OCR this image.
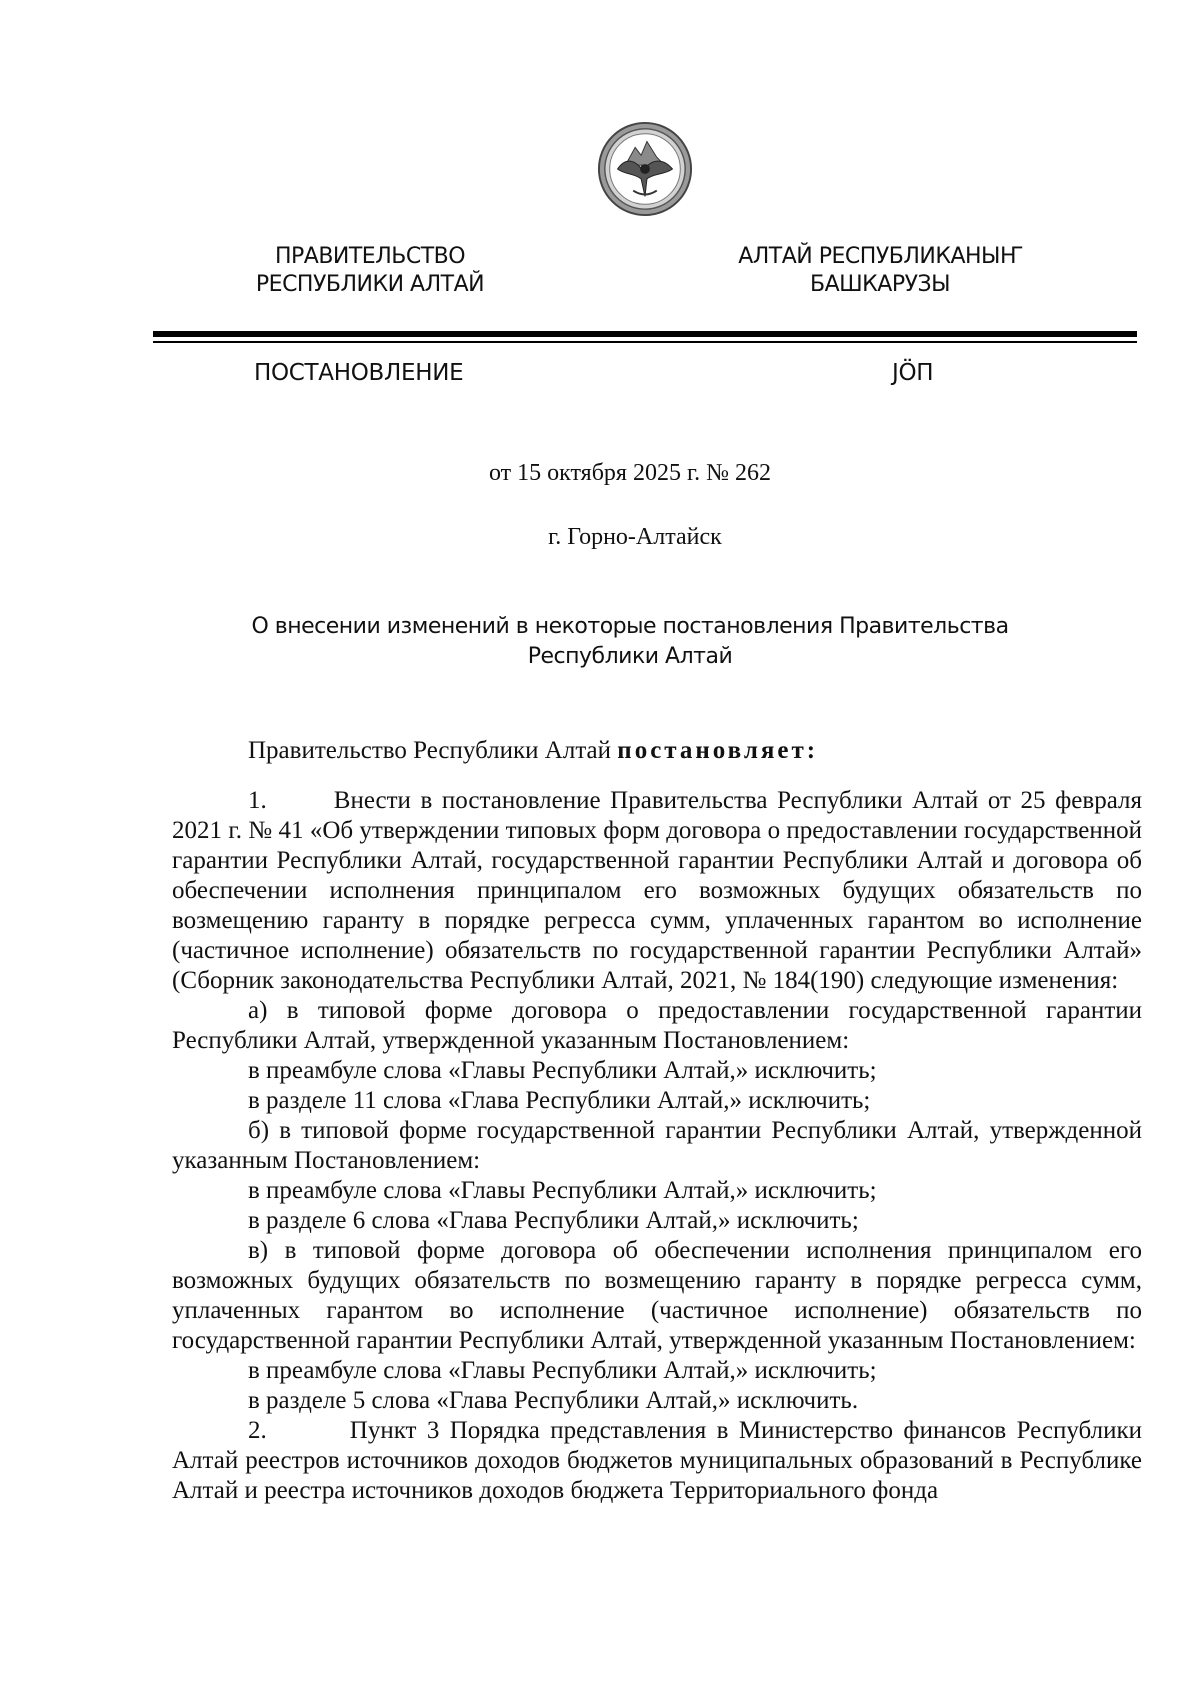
ПРАВИТЕЛЬСТВО
РЕСПУБЛИКИ АЛТАЙ
АЛТАЙ РЕСПУБЛИКАНЫҤ
БАШКАРУЗЫ
ПОСТАНОВЛЕНИЕ	JÖП
от 15 октября 2025 г. № 262
г. Горно-Алтайск
О внесении изменений в некоторые постановления Правительства
Республики Алтай

Правительство Республики Алтай постановляет:

1.       Внести в постановление Правительства Республики Алтай от 25 февраля 2021 г. № 41 «Об утверждении типовых форм договора о предоставлении государственной гарантии Республики Алтай, государственной гарантии Республики Алтай и договора об обеспечении исполнения принципалом его возможных будущих обязательств по возмещению гаранту в порядке регресса сумм, уплаченных гарантом во исполнение (частичное исполнение) обязательств по государственной гарантии Республики Алтай» (Сборник законодательства Республики Алтай, 2021, № 184(190) следующие изменения:

а) в типовой форме договора о предоставлении государственной гарантии Республики Алтай, утвержденной указанным Постановлением:

в преамбуле слова «Главы Республики Алтай,» исключить;

в разделе 11 слова «Глава Республики Алтай,» исключить;

б) в типовой форме государственной гарантии Республики Алтай, утвержденной указанным Постановлением:

в преамбуле слова «Главы Республики Алтай,» исключить;

в разделе 6 слова «Глава Республики Алтай,» исключить;

в) в типовой форме договора об обеспечении исполнения принципалом его возможных будущих обязательств по возмещению гаранту в порядке регресса сумм, уплаченных гарантом во исполнение (частичное исполнение) обязательств по государственной гарантии Республики Алтай, утвержденной указанным Постановлением:

в преамбуле слова «Главы Республики Алтай,» исключить;

в разделе 5 слова «Глава Республики Алтай,» исключить.

2.        Пункт 3 Порядка представления в Министерство финансов Республики Алтай реестров источников доходов бюджетов муниципальных образований в Республике Алтай и реестра источников доходов бюджета Территориального фонда
